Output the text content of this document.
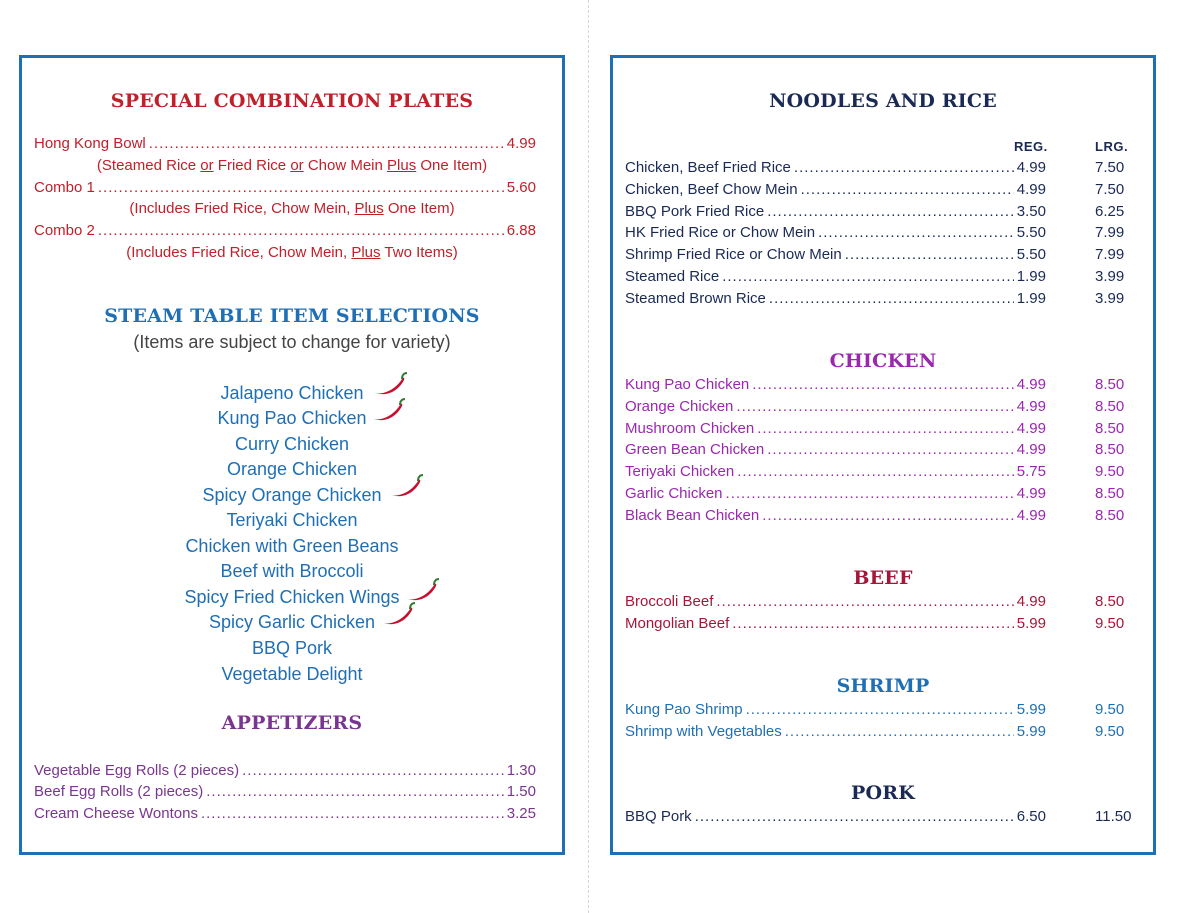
SPECIAL COMBINATION PLATES
Hong Kong Bowl .....	4.99
(Steamed Rice or Fried Rice or Chow Mein Plus One Item)
Combo 1 .....	5.60
(Includes Fried Rice, Chow Mein, Plus One Item)
Combo 2 .....	6.88
(Includes Fried Rice, Chow Mein, Plus Two Items)
STEAM TABLE ITEM SELECTIONS
(Items are subject to change for variety)
Jalapeno Chicken
Kung Pao Chicken
Curry Chicken
Orange Chicken
Spicy Orange Chicken
Teriyaki Chicken
Chicken with Green Beans
Beef with Broccoli
Spicy Fried Chicken Wings
Spicy Garlic Chicken
BBQ Pork
Vegetable Delight
APPETIZERS
Vegetable Egg Rolls (2 pieces) .....	1.30
Beef Egg Rolls (2 pieces) .....	1.50
Cream Cheese Wontons .....	3.25
NOODLES AND RICE
REG.	LRG.
CHICKEN
BEEF
SHRIMP
PORK
Chicken, Beef Fried Rice .....	4.99	7.50
Chicken, Beef Chow Mein .....	4.99	7.50
BBQ Pork Fried Rice .....	3.50	6.25
HK Fried Rice or Chow Mein .....	5.50	7.99
Shrimp Fried Rice or Chow Mein .....	5.50	7.99
Steamed Rice .....	1.99	3.99
Steamed Brown Rice .....	1.99	3.99
Kung Pao Chicken .....	4.99	8.50
Orange Chicken .....	4.99	8.50
Mushroom Chicken .....	4.99	8.50
Green Bean Chicken .....	4.99	8.50
Teriyaki Chicken .....	5.75	9.50
Garlic Chicken .....	4.99	8.50
Black Bean Chicken .....	4.99	8.50
Broccoli Beef .....	4.99	8.50
Mongolian Beef .....	5.99	9.50
Kung Pao Shrimp .....	5.99	9.50
Shrimp with Vegetables .....	5.99	9.50
BBQ Pork .....	6.50	11.50
